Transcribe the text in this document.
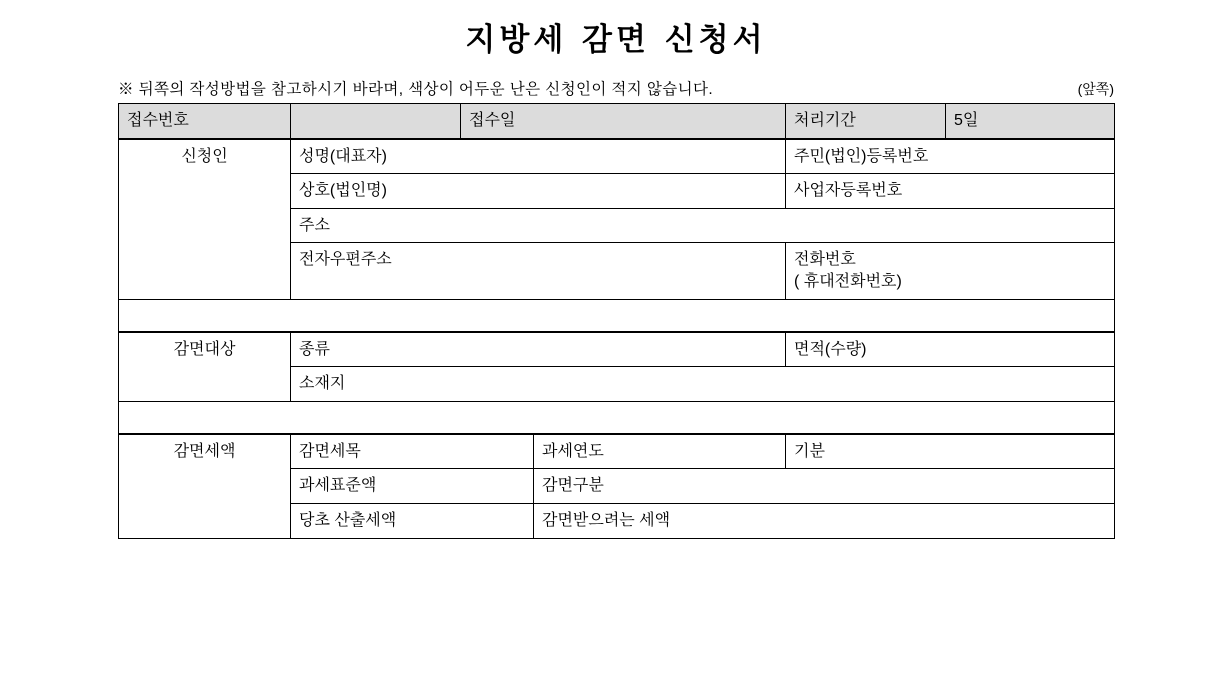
지방세 감면 신청서
※ 뒤쪽의 작성방법을 참고하시기 바라며, 색상이 어두운 난은 신청인이 적지 않습니다.	(앞쪽)
접수번호		접수일	처리기간	5일
신청인	성명(대표자)	주민(법인)등록번호
	상호(법인명)	사업자등록번호
	주소	
	전자우편주소	전화번호
( 휴대전화번호)

감면대상	종류	면적(수량)
소재지

감면세액	감면세목	과세연도	기분
	과세표준액	감면구분	
	당초 산출세액	감면받으려는 세액	
